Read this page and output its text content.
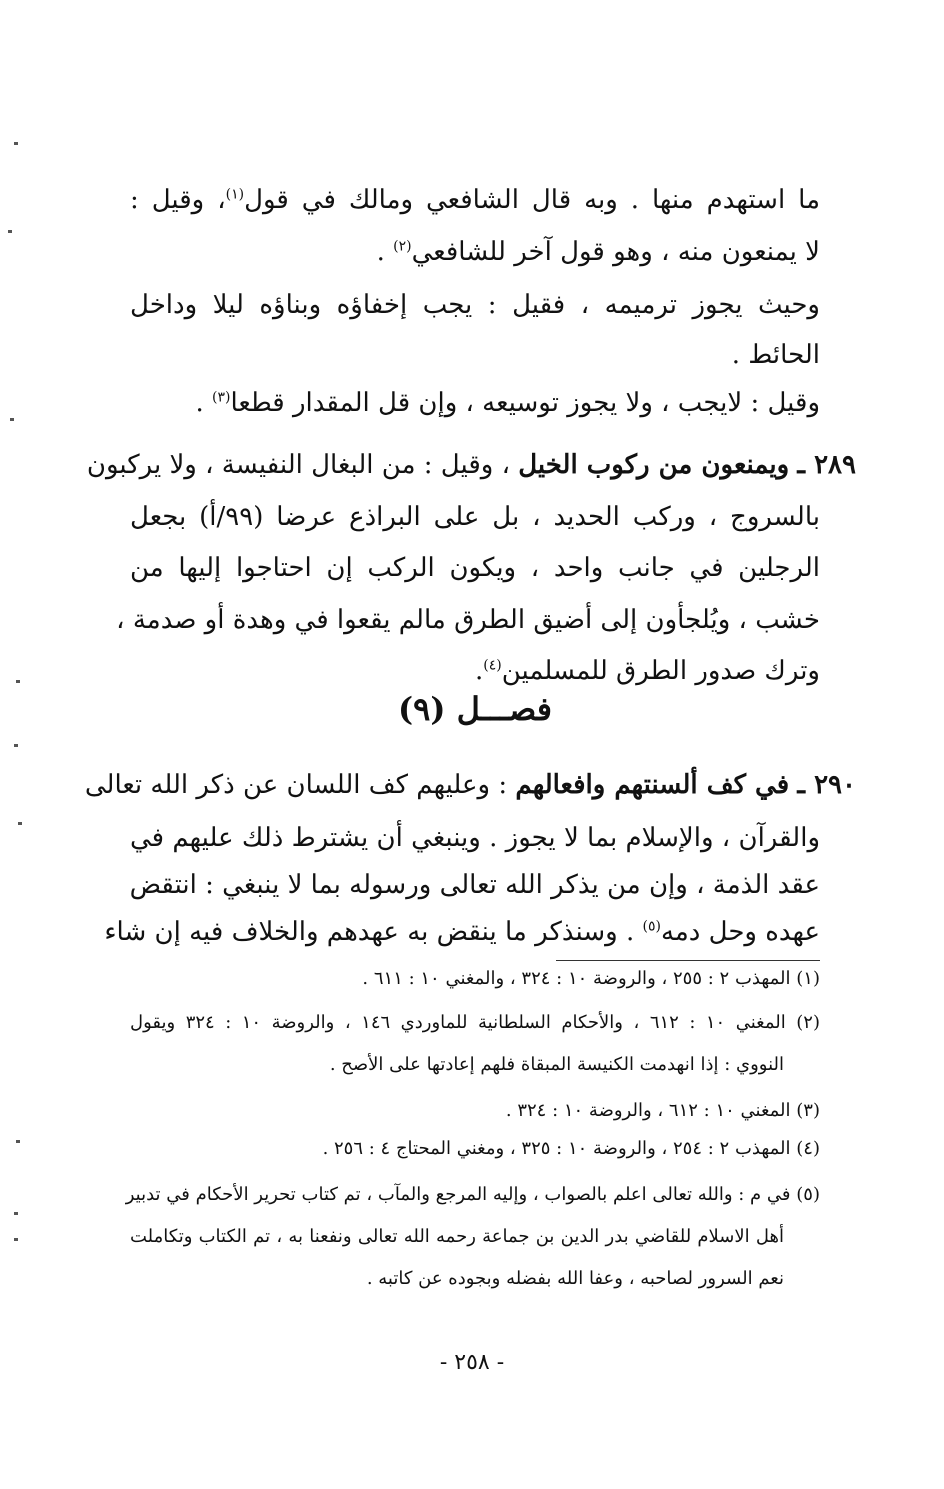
ما استهدم منها . وبه قال الشافعي ومالك في قول$^{(١)}$، وقيل :
لا يمنعون منه ، وهو قول آخر للشافعي$^{(٢)}$ .
وحيث يجوز ترميمه ، فقيل : يجب إخفاؤه وبناؤه ليلا وداخل
الحائط .
وقيل : لايجب ، ولا يجوز توسيعه ، وإن قل المقدار قطعا$^{(٣)}$ .
٢٨٩ ـ ويمنعون من ركوب الخيل ، وقيل : من البغال النفيسة ، ولا يركبون
بالسروج ، وركب الحديد ، بل على البراذع عرضا (٩٩/أ) بجعل
الرجلين في جانب واحد ، ويكون الركب إن احتاجوا إليها من
خشب ، ويُلجأون إلى أضيق الطرق مالم يقعوا في وهدة أو صدمة ،
وترك صدور الطرق للمسلمين$^{(٤)}$.
فصـــل (٩)
٢٩٠ ـ في كف ألسنتهم وافعالهم : وعليهم كف اللسان عن ذكر الله تعالى
والقرآن ، والإسلام بما لا يجوز . وينبغي أن يشترط ذلك عليهم في
عقد الذمة ، وإن من يذكر الله تعالى ورسوله بما لا ينبغي : انتقض
عهده وحل دمه$^{(٥)}$ . وسنذكر ما ينقض به عهدهم والخلاف فيه إن شاء
(١) المهذب ٢ : ٢٥٥ ، والروضة ١٠ : ٣٢٤ ، والمغني ١٠ : ٦١١ .
(٢) المغني ١٠ : ٦١٢ ، والأحكام السلطانية للماوردي ١٤٦ ، والروضة ١٠ : ٣٢٤ ويقول
النووي : إذا انهدمت الكنيسة المبقاة فلهم إعادتها على الأصح .
(٣) المغني ١٠ : ٦١٢ ، والروضة ١٠ : ٣٢٤ .
(٤) المهذب ٢ : ٢٥٤ ، والروضة ١٠ : ٣٢٥ ، ومغني المحتاج ٤ : ٢٥٦ .
(٥) في م : والله تعالى اعلم بالصواب ، وإليه المرجع والمآب ، تم كتاب تحرير الأحكام في تدبير
أهل الاسلام للقاضي بدر الدين بن جماعة رحمه الله تعالى ونفعنا به ، تم الكتاب وتكاملت
نعم السرور لصاحبه ، وعفا الله بفضله وبجوده عن كاتبه .
- ٢٥٨ -
